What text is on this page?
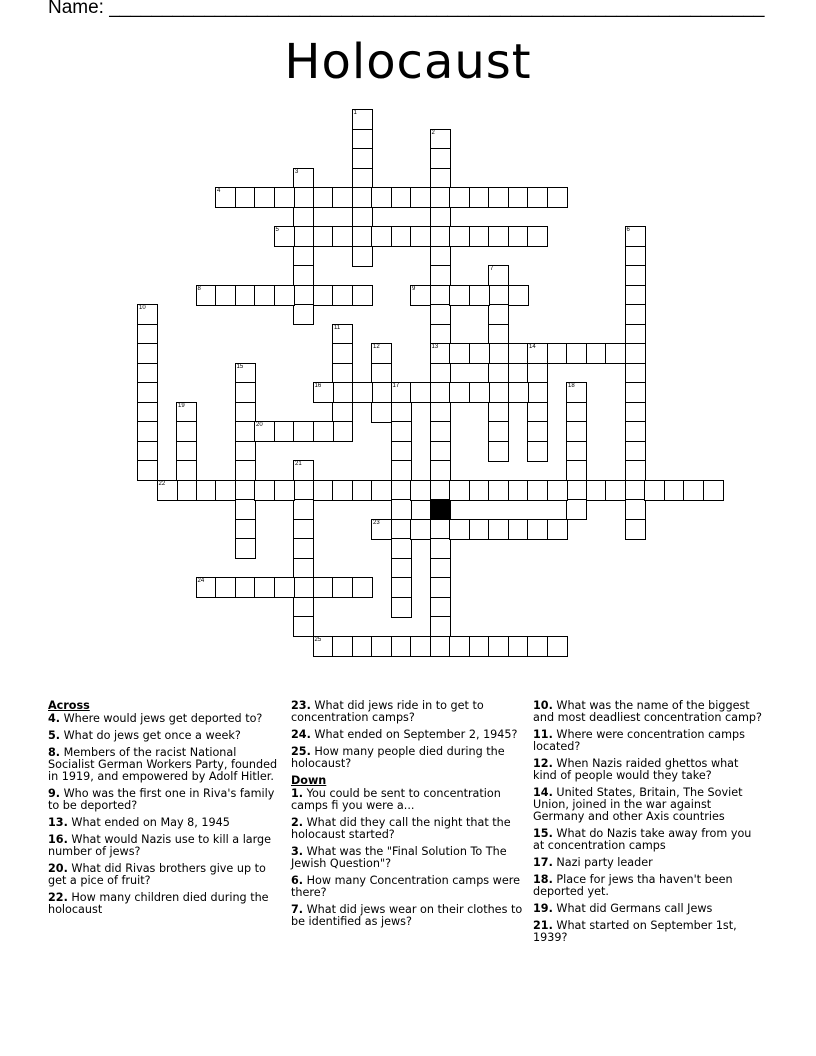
Name: ______________________________________________________________
Holocaust
1
2
13
3
4
5	6
7
8	9
10
11
12	14
15
16	17	18
19
20
21
22
23
24
25
Across
4. Where would jews get deported to?
5. What do jews get once a week?
8. Members of the racist National Socialist German Workers Party, founded in 1919, and empowered by Adolf Hitler.
9. Who was the first one in Riva's family to be deported?
13. What ended on May 8, 1945
16. What would Nazis use to kill a large number of jews?
20. What did Rivas brothers give up to get a pice of fruit?
22. How many children died during the holocaust
23. What did jews ride in to get to concentration camps?
24. What ended on September 2, 1945?
25. How many people died during the holocaust?
Down
1. You could be sent to concentration camps fi you were a...
2. What did they call the night that the holocaust started?
3. What was the "Final Solution To The Jewish Question"?
6. How many Concentration camps were there?
7. What did jews wear on their clothes to be identified as jews?
10. What was the name of the biggest and most deadliest concentration camp?
11. Where were concentration camps located?
12. When Nazis raided ghettos what kind of people would they take?
14. United States, Britain, The Soviet Union, joined in the war against Germany and other Axis countries
15. What do Nazis take away from you at concentration camps
17. Nazi party leader
18. Place for jews tha haven't been deported yet.
19. What did Germans call Jews
21. What started on September 1st, 1939?
